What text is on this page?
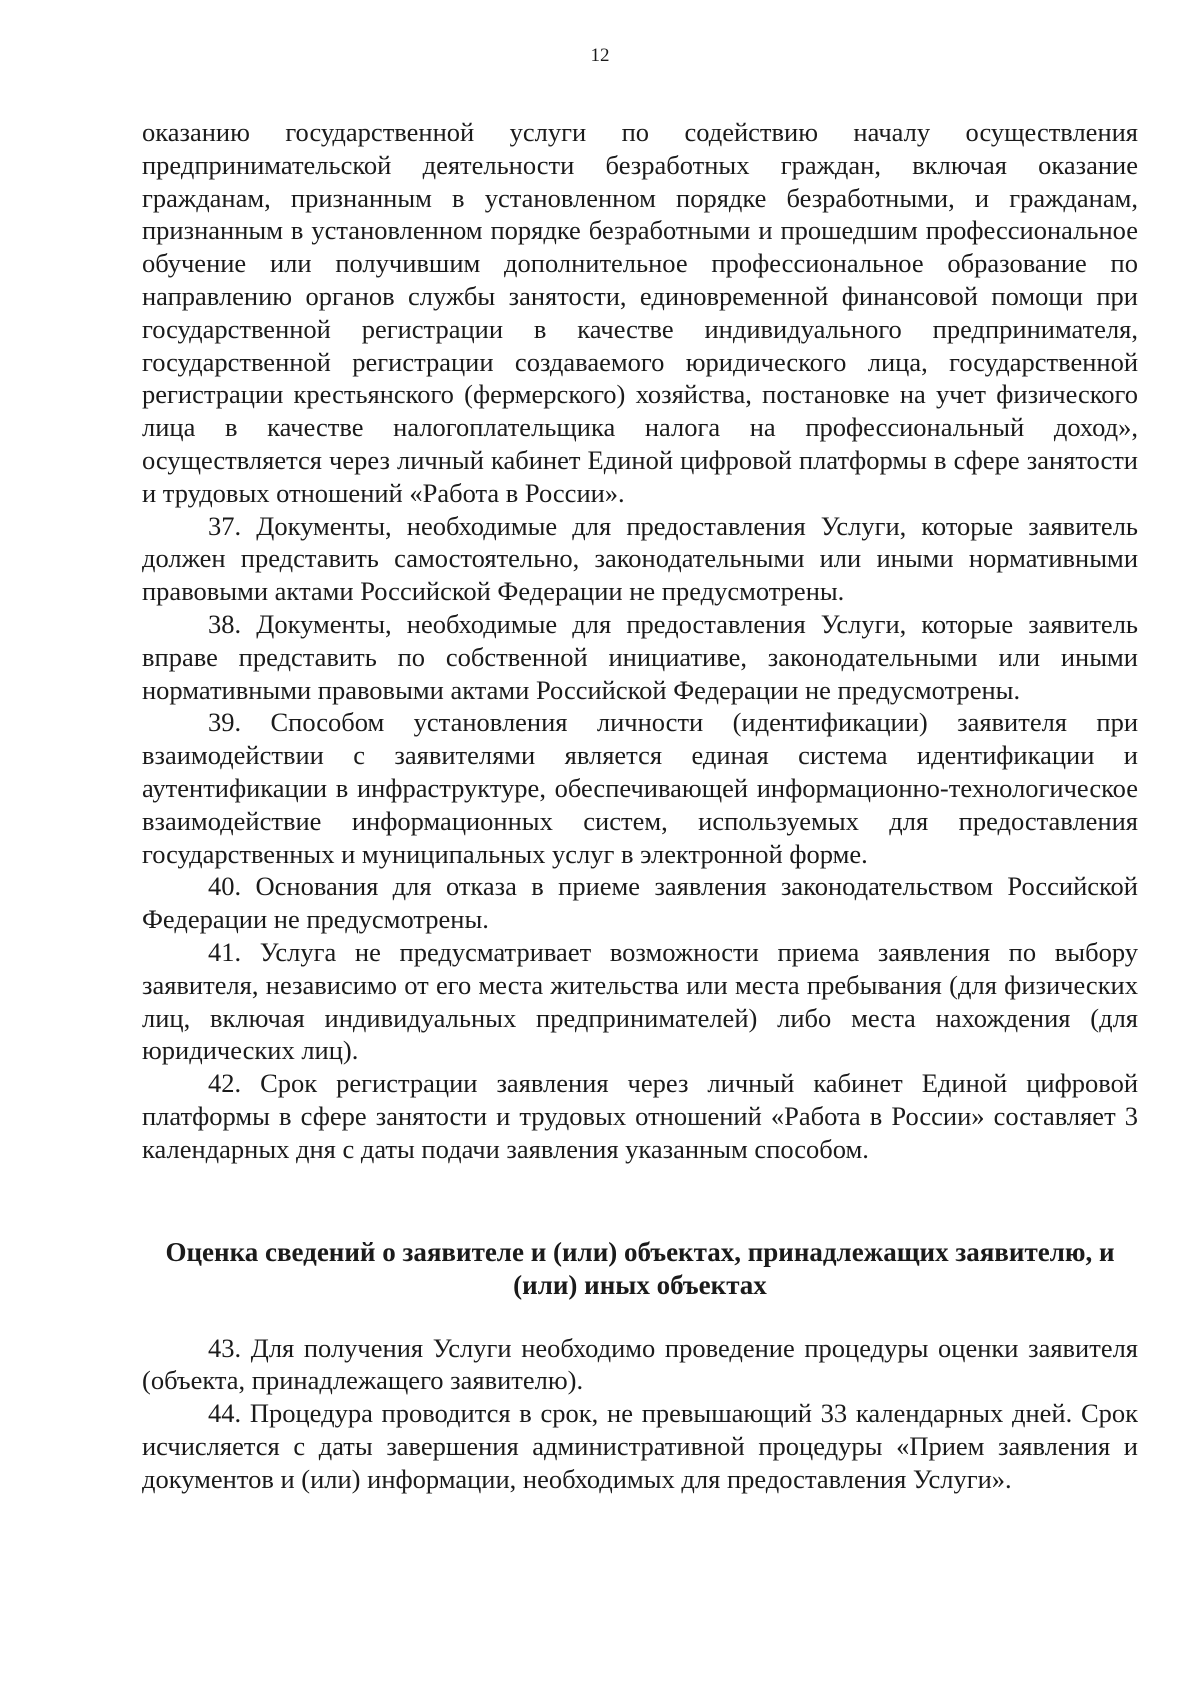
12

оказанию государственной услуги по содействию началу осуществления предпринимательской деятельности безработных граждан, включая оказание гражданам, признанным в установленном порядке безработными, и гражданам, признанным в установленном порядке безработными и прошедшим профессиональное обучение или получившим дополнительное профессиональное образование по направлению органов службы занятости, единовременной финансовой помощи при государственной регистрации в качестве индивидуального предпринимателя, государственной регистрации создаваемого юридического лица, государственной регистрации крестьянского (фермерского) хозяйства, постановке на учет физического лица в качестве налогоплательщика налога на профессиональный доход», осуществляется через личный кабинет Единой цифровой платформы в сфере занятости и трудовых отношений «Работа в России».

37. Документы, необходимые для предоставления Услуги, которые заявитель должен представить самостоятельно, законодательными или иными нормативными правовыми актами Российской Федерации не предусмотрены.

38. Документы, необходимые для предоставления Услуги, которые заявитель вправе представить по собственной инициативе, законодательными или иными нормативными правовыми актами Российской Федерации не предусмотрены.

39. Способом установления личности (идентификации) заявителя при взаимодействии с заявителями является единая система идентификации и аутентификации в инфраструктуре, обеспечивающей информационно-технологическое взаимодействие информационных систем, используемых для предоставления государственных и муниципальных услуг в электронной форме.

40. Основания для отказа в приеме заявления законодательством Российской Федерации не предусмотрены.

41. Услуга не предусматривает возможности приема заявления по выбору заявителя, независимо от его места жительства или места пребывания (для физических лиц, включая индивидуальных предпринимателей) либо места нахождения (для юридических лиц).

42. Срок регистрации заявления через личный кабинет Единой цифровой платформы в сфере занятости и трудовых отношений «Работа в России» составляет 3 календарных дня с даты подачи заявления указанным способом.

Оценка сведений о заявителе и (или) объектах, принадлежащих заявителю, и
(или) иных объектах

43. Для получения Услуги необходимо проведение процедуры оценки заявителя (объекта, принадлежащего заявителю).

44. Процедура проводится в срок, не превышающий 33 календарных дней. Срок исчисляется с даты завершения административной процедуры «Прием заявления и документов и (или) информации, необходимых для предоставления Услуги».
